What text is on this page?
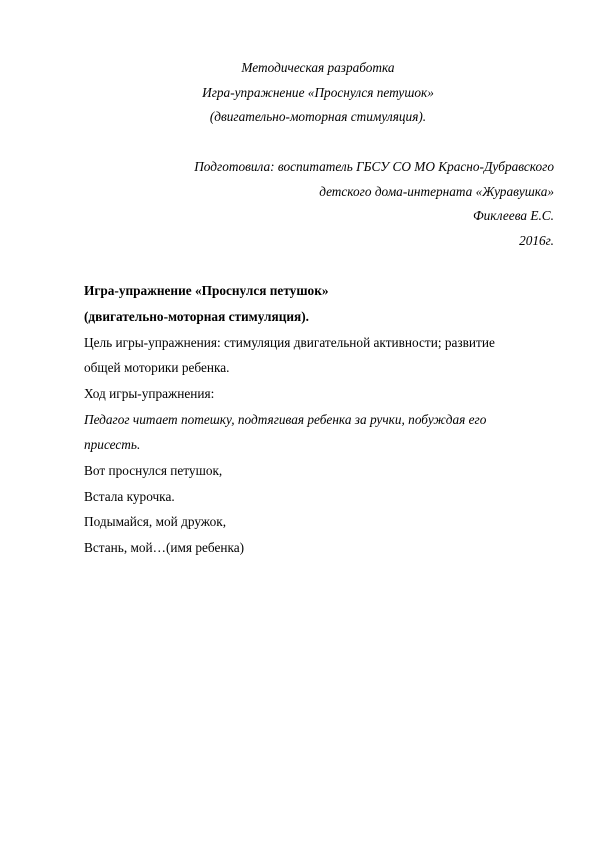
Методическая разработка
Игра-упражнение «Проснулся петушок»
(двигательно-моторная стимуляция).
Подготовила: воспитатель ГБСУ СО МО Красно-Дубравского
детского дома-интерната «Журавушка»
Фиклеева Е.С.
2016г.
Игра-упражнение «Проснулся петушок»
(двигательно-моторная стимуляция).
Цель игры-упражнения: стимуляция двигательной активности; развитие
общей моторики ребенка.
Ход игры-упражнения:
Педагог читает потешку, подтягивая ребенка за ручки, побуждая его
присесть.
Вот проснулся петушок,
Встала курочка.
Подымайся, мой дружок,
Встань, мой…(имя ребенка)
